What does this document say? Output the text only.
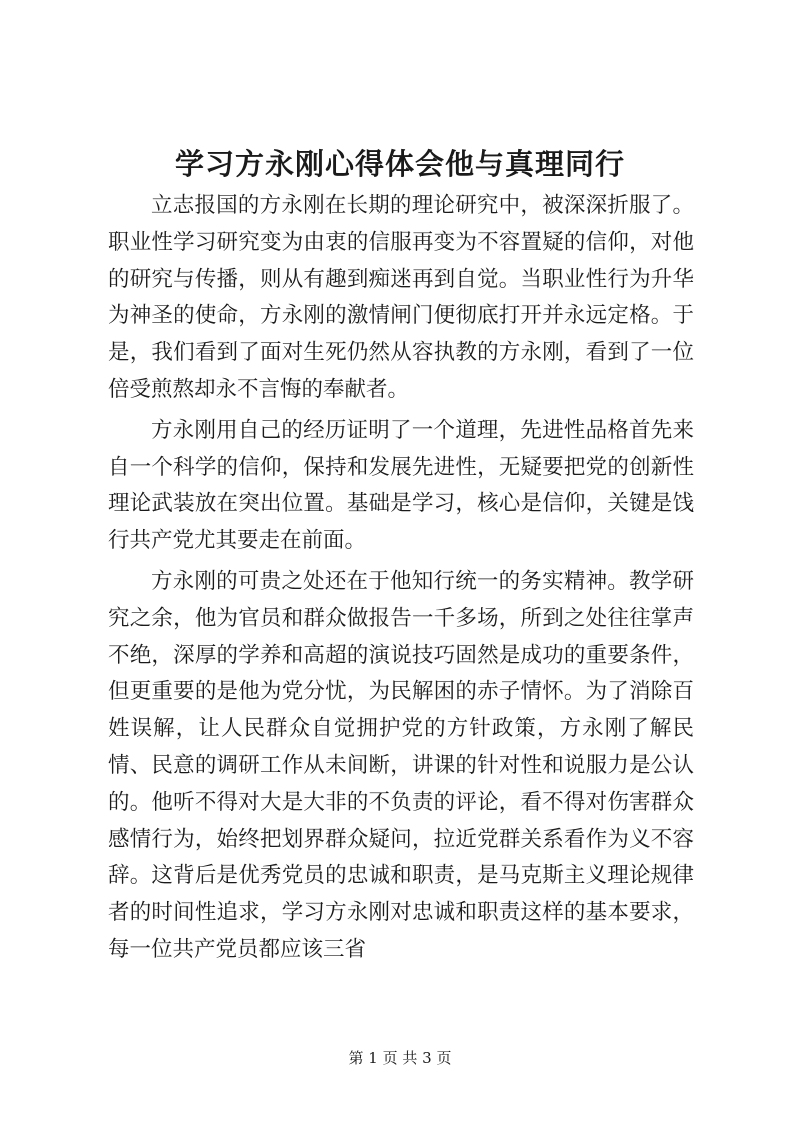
学习方永刚心得体会他与真理同行

立志报国的方永刚在长期的理论研究中，被深深折服了。职业性学习研究变为由衷的信服再变为不容置疑的信仰，对他的研究与传播，则从有趣到痴迷再到自觉。当职业性行为升华为神圣的使命，方永刚的激情闸门便彻底打开并永远定格。于是，我们看到了面对生死仍然从容执教的方永刚，看到了一位倍受煎熬却永不言悔的奉献者。

方永刚用自己的经历证明了一个道理，先进性品格首先来自一个科学的信仰，保持和发展先进性，无疑要把党的创新性理论武装放在突出位置。基础是学习，核心是信仰，关键是饯行共产党尤其要走在前面。

方永刚的可贵之处还在于他知行统一的务实精神。教学研究之余，他为官员和群众做报告一千多场，所到之处往往掌声不绝，深厚的学养和高超的演说技巧固然是成功的重要条件，但更重要的是他为党分忧，为民解困的赤子情怀。为了消除百姓误解，让人民群众自觉拥护党的方针政策，方永刚了解民情、民意的调研工作从未间断，讲课的针对性和说服力是公认的。他听不得对大是大非的不负责的评论，看不得对伤害群众感情行为，始终把划界群众疑问，拉近党群关系看作为义不容辞。这背后是优秀党员的忠诚和职责，是马克斯主义理论规律者的时间性追求，学习方永刚对忠诚和职责这样的基本要求，每一位共产党员都应该三省

第 1 页 共 3 页
